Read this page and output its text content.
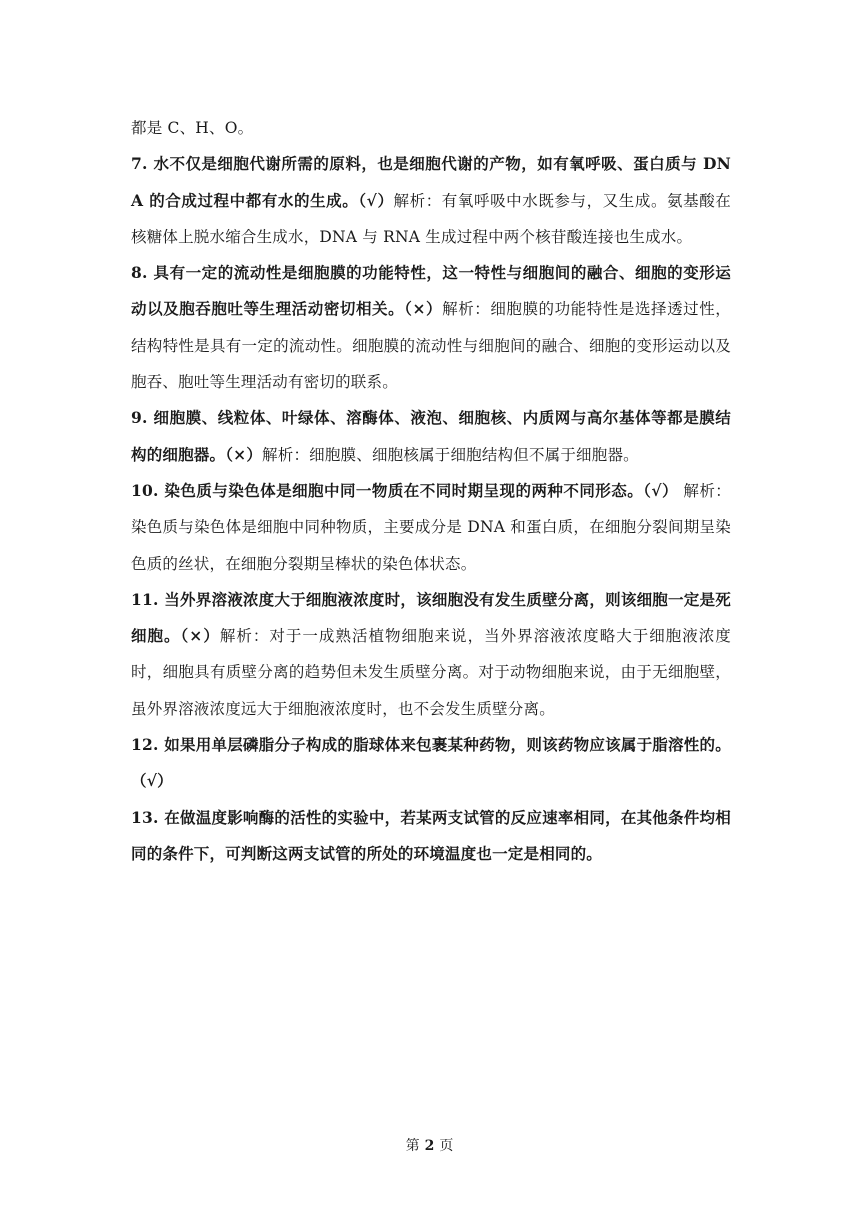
都是 C、H、O。

7. 水不仅是细胞代谢所需的原料，也是细胞代谢的产物，如有氧呼吸、蛋白质与 DNA 的合成过程中都有水的生成。（√）解析：有氧呼吸中水既参与，又生成。氨基酸在核糖体上脱水缩合生成水，DNA 与 RNA 生成过程中两个核苷酸连接也生成水。

8. 具有一定的流动性是细胞膜的功能特性，这一特性与细胞间的融合、细胞的变形运动以及胞吞胞吐等生理活动密切相关。（×）解析：细胞膜的功能特性是选择透过性，结构特性是具有一定的流动性。细胞膜的流动性与细胞间的融合、细胞的变形运动以及胞吞、胞吐等生理活动有密切的联系。

9. 细胞膜、线粒体、叶绿体、溶酶体、液泡、细胞核、内质网与高尔基体等都是膜结构的细胞器。（×）解析：细胞膜、细胞核属于细胞结构但不属于细胞器。

10. 染色质与染色体是细胞中同一物质在不同时期呈现的两种不同形态。（√） 解析：染色质与染色体是细胞中同种物质，主要成分是 DNA 和蛋白质，在细胞分裂间期呈染色质的丝状，在细胞分裂期呈棒状的染色体状态。

11. 当外界溶液浓度大于细胞液浓度时，该细胞没有发生质壁分离，则该细胞一定是死细胞。（×）解析：对于一成熟活植物细胞来说，当外界溶液浓度略大于细胞液浓度时，细胞具有质壁分离的趋势但未发生质壁分离。对于动物细胞来说，由于无细胞壁，虽外界溶液浓度远大于细胞液浓度时，也不会发生质壁分离。

12. 如果用单层磷脂分子构成的脂球体来包裹某种药物，则该药物应该属于脂溶性的。（√）

13. 在做温度影响酶的活性的实验中，若某两支试管的反应速率相同，在其他条件均相同的条件下，可判断这两支试管的所处的环境温度也一定是相同的。

第 2 页
